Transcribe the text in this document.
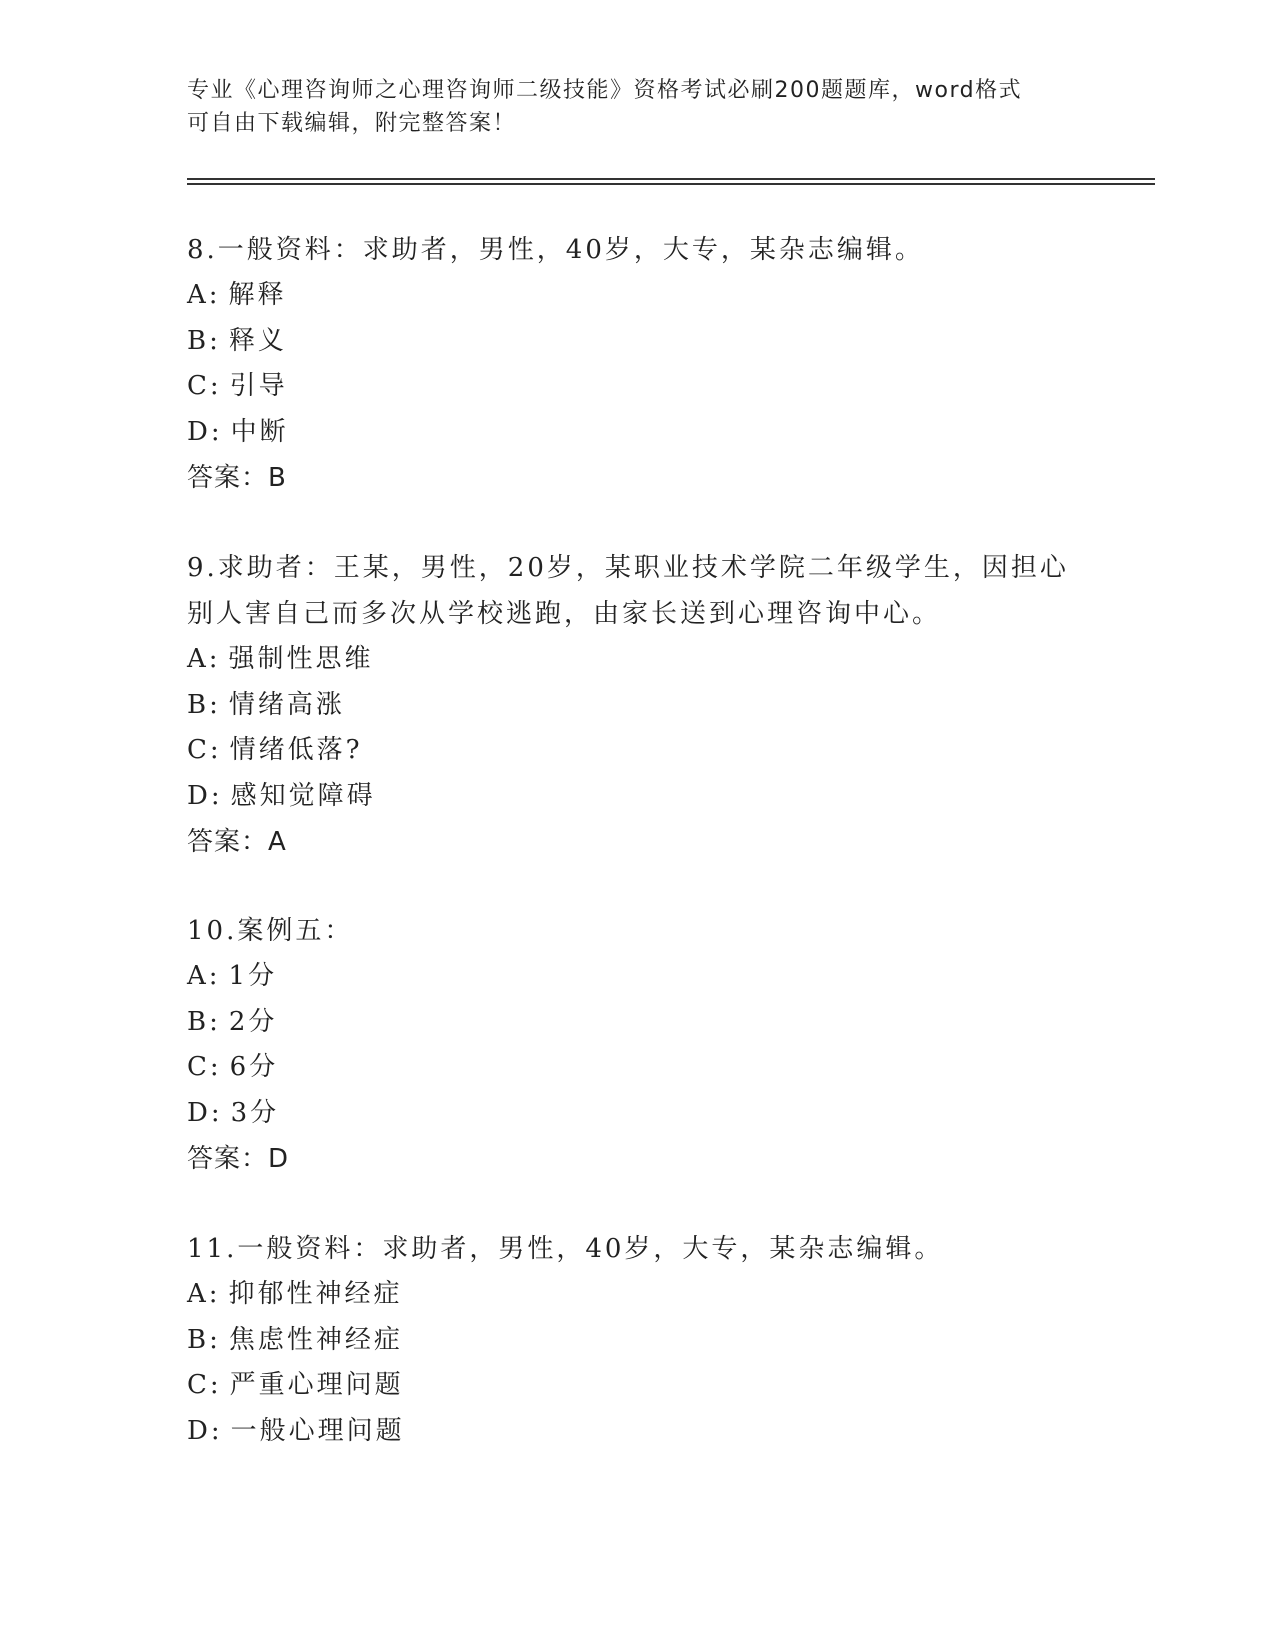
专业《心理咨询师之心理咨询师二级技能》资格考试必刷200题题库，word格式
可自由下载编辑，附完整答案！
8.一般资料：求助者，男性，40岁，大专，某杂志编辑。
A: 解释
B: 释义
C: 引导
D: 中断
答案：B
9.求助者：王某，男性，20岁，某职业技术学院二年级学生，因担心
别人害自己而多次从学校逃跑，由家长送到心理咨询中心。
A: 强制性思维
B: 情绪高涨
C: 情绪低落?
D: 感知觉障碍
答案：A
10.案例五：
A: 1分
B: 2分
C: 6分
D: 3分
答案：D
11.一般资料：求助者，男性，40岁，大专，某杂志编辑。
A: 抑郁性神经症
B: 焦虑性神经症
C: 严重心理问题
D: 一般心理问题
